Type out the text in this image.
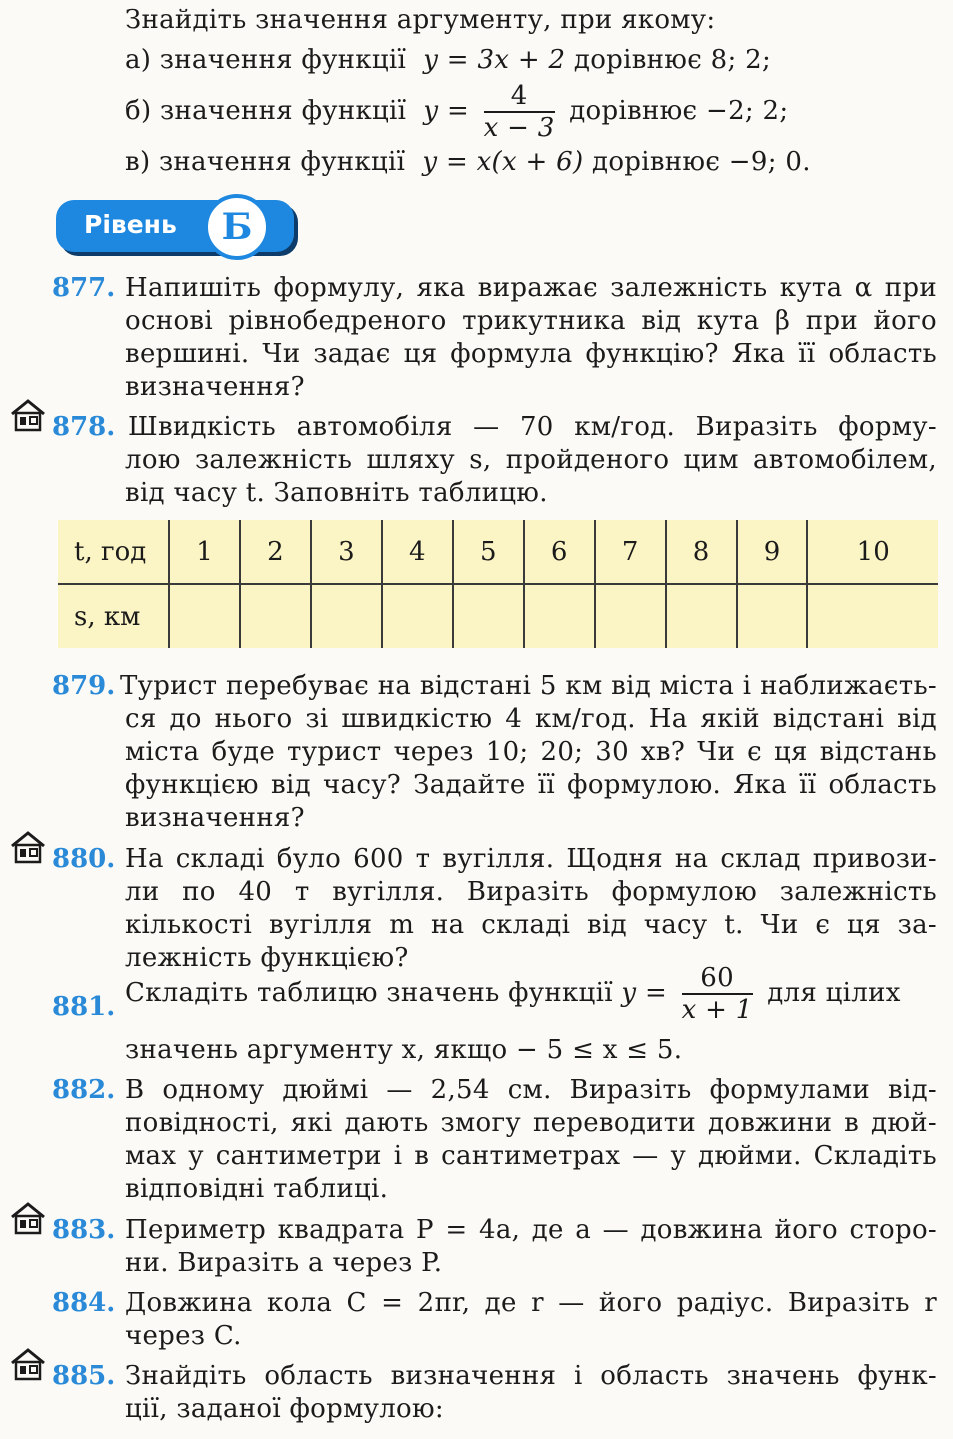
Знайдіть значення аргументу, при якому:
а) значення функції y = 3x + 2 дорівнює 8; 2;
б) значення функції $y = \frac{4}{x - 3}$ дорівнює −2; 2;
в) значення функції y = x(x + 6) дорівнює −9; 0.
Рівень	Б
877. Напишіть формулу, яка виражає залежність кута α при
основі рівнобедреного трикутника від кута β при його
вершині. Чи задає ця формула функцію? Яка її область
визначення?
878. Швидкість автомобіля — 70 км/год. Виразіть форму-
лою залежність шляху s, пройденого цим автомобілем,
від часу t. Заповніть таблицю.
t, год	1	2	3	4	5	6	7	8	9	10
s, км										
879. Турист перебуває на відстані 5 км від міста і наближаєть-
ся до нього зі швидкістю 4 км/год. На якій відстані від
міста буде турист через 10; 20; 30 хв? Чи є ця відстань
функцією від часу? Задайте її формулою. Яка її область
визначення?
880. На складі було 600 т вугілля. Щодня на склад привози-
ли по 40 т вугілля. Виразіть формулою залежність
кількості вугілля m на складі від часу t. Чи є ця за-
лежність функцією?
881. Складіть таблицю значень функції $y = \frac{60}{x + 1}$ для цілих
значень аргументу x, якщо − 5 ≤ x ≤ 5.
882. В одному дюймі — 2,54 см. Виразіть формулами від-
повідності, які дають змогу переводити довжини в дюй-
мах у сантиметри і в сантиметрах — у дюйми. Складіть
відповідні таблиці.
883. Периметр квадрата P = 4a, де a — довжина його сторо-
ни. Виразіть a через P.
884. Довжина кола C = 2πr, де r — його радіус. Виразіть r
через C.
885. Знайдіть область визначення і область значень функ-
ції, заданої формулою:
